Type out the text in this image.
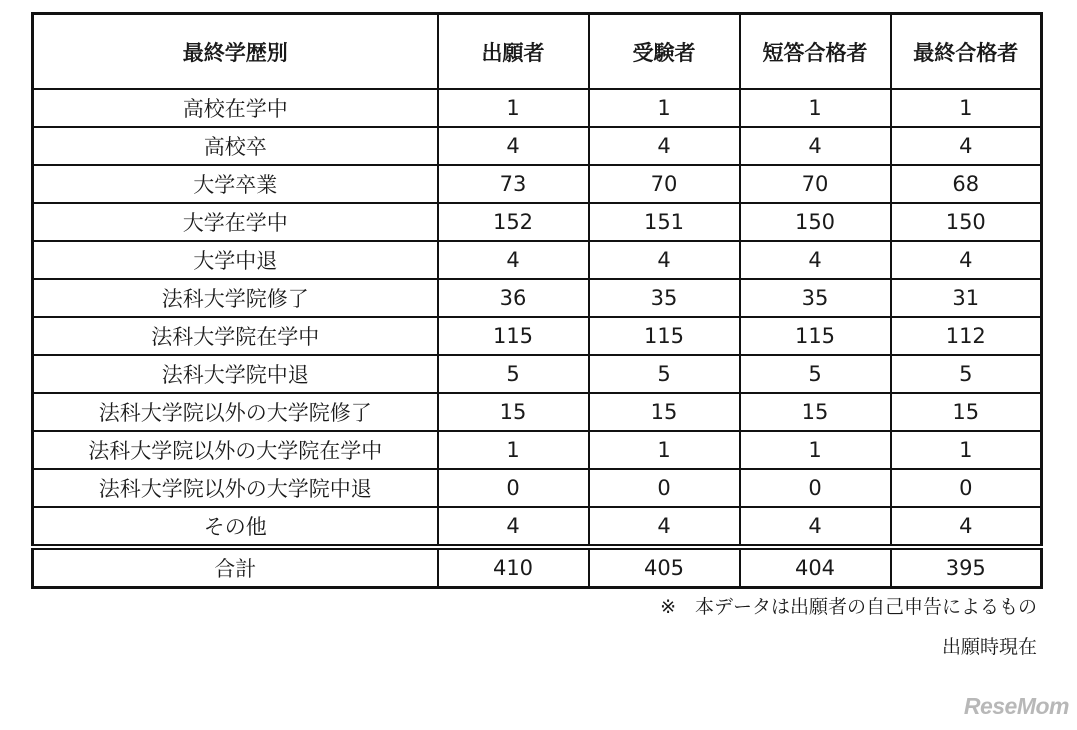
最終学歴別	出願者	受験者	短答合格者	最終合格者
高校在学中	1	1	1	1
高校卒	4	4	4	4
大学卒業	73	70	70	68
大学在学中	152	151	150	150
大学中退	4	4	4	4
法科大学院修了	36	35	35	31
法科大学院在学中	115	115	115	112
法科大学院中退	5	5	5	5
法科大学院以外の大学院修了	15	15	15	15
法科大学院以外の大学院在学中	1	1	1	1
法科大学院以外の大学院中退	0	0	0	0
その他	4	4	4	4
合計	410	405	404	395
※　本データは出願者の自己申告によるもの
出願時現在
ReseMom
